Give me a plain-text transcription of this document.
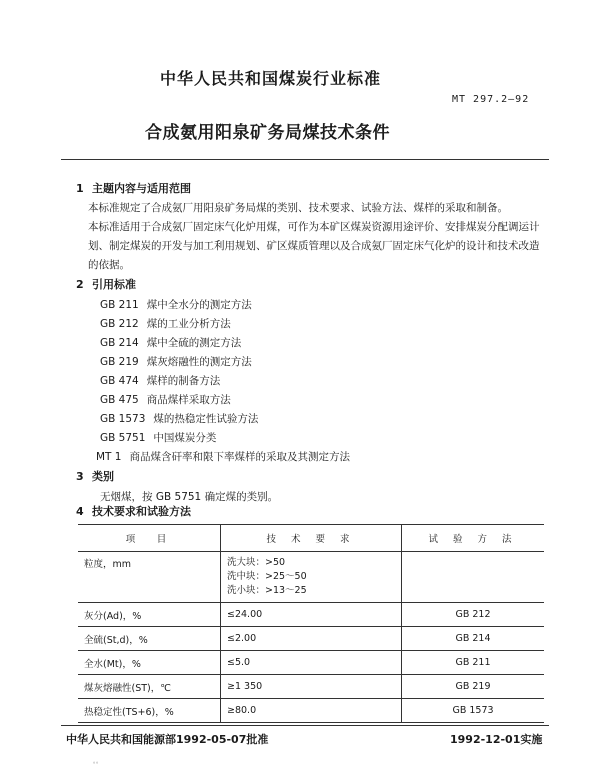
中华人民共和国煤炭行业标准
MT 297.2—92
合成氨用阳泉矿务局煤技术条件
1 主题内容与适用范围
本标准规定了合成氨厂用阳泉矿务局煤的类别、技术要求、试验方法、煤样的采取和制备。
本标准适用于合成氨厂固定床气化炉用煤，可作为本矿区煤炭资源用途评价、安排煤炭分配调运计划、制定煤炭的开发与加工利用规划、矿区煤质管理以及合成氨厂固定床气化炉的设计和技术改造的依据。
2 引用标准
GB 211 煤中全水分的测定方法
GB 212 煤的工业分析方法
GB 214 煤中全硫的测定方法
GB 219 煤灰熔融性的测定方法
GB 474 煤样的制备方法
GB 475 商品煤样采取方法
GB 1573 煤的热稳定性试验方法
GB 5751 中国煤炭分类
MT 1 商品煤含矸率和限下率煤样的采取及其测定方法
3 类别
无烟煤，按 GB 5751 确定煤的类别。
4 技术要求和试验方法
项　目	技 术 要 求	试 验 方 法
粒度，mm	洗大块：>50
洗中块：>25～50
洗小块：>13～25	

灰分(Ad)，%	≤24.00	GB 212
全硫(St,d)，%	≤2.00	GB 214
全水(Mt)，%	≤5.0	GB 211
煤灰熔融性(ST)，℃	≥1 350	GB 219
热稳定性(TS+6)，%	≥80.0	GB 1573
中华人民共和国能源部1992-05-07批准	1992-12-01实施
。。
